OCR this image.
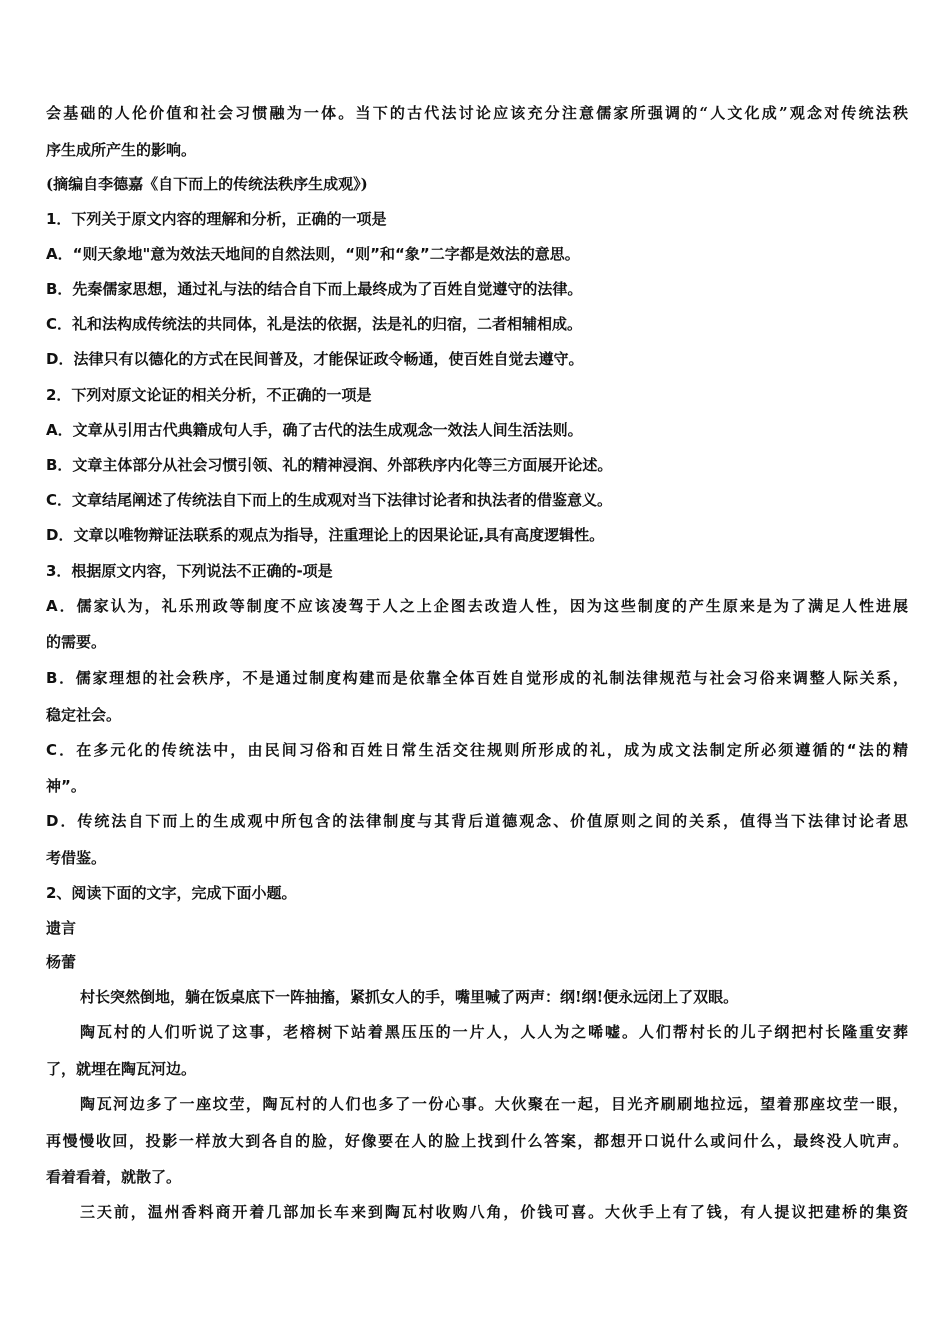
会基础的人伦价值和社会习惯融为一体。当下的古代法讨论应该充分注意儒家所强调的“人文化成”观念对传统法秩
序生成所产生的影响。
(摘编自李德嘉《自下而上的传统法秩序生成观》)
1．下列关于原文内容的理解和分析，正确的一项是
A．“则天象地"意为效法天地间的自然法则，“则”和“象”二字都是效法的意思。
B．先秦儒家思想，通过礼与法的结合自下而上最终成为了百姓自觉遵守的法律。
C．礼和法构成传统法的共同体，礼是法的依据，法是礼的归宿，二者相辅相成。
D．法律只有以德化的方式在民间普及，才能保证政令畅通，使百姓自觉去遵守。
2．下列对原文论证的相关分析，不正确的一项是
A．文章从引用古代典籍成句人手，确了古代的法生成观念一效法人间生活法则。
B．文章主体部分从社会习惯引领、礼的精神浸润、外部秩序内化等三方面展开论述。
C．文章结尾阐述了传统法自下而上的生成观对当下法律讨论者和执法者的借鉴意义。
D．文章以唯物辩证法联系的观点为指导，注重理论上的因果论证,具有高度逻辑性。
3．根据原文内容，下列说法不正确的-项是
A．儒家认为，礼乐刑政等制度不应该凌驾于人之上企图去改造人性，因为这些制度的产生原来是为了满足人性进展
的需要。
B．儒家理想的社会秩序，不是通过制度构建而是依靠全体百姓自觉形成的礼制法律规范与社会习俗来调整人际关系，
稳定社会。
C．在多元化的传统法中，由民间习俗和百姓日常生活交往规则所形成的礼，成为成文法制定所必须遵循的“法的精
神”。
D．传统法自下而上的生成观中所包含的法律制度与其背后道德观念、价值原则之间的关系，值得当下法律讨论者思
考借鉴。
2、阅读下面的文字，完成下面小题。
遗言
杨蕾
村长突然倒地，躺在饭桌底下一阵抽搐，紧抓女人的手，嘴里喊了两声：纲!纲!便永远闭上了双眼。
陶瓦村的人们听说了这事，老榕树下站着黑压压的一片人，人人为之唏嘘。人们帮村长的儿子纲把村长隆重安葬
了，就埋在陶瓦河边。
陶瓦河边多了一座坟茔，陶瓦村的人们也多了一份心事。大伙聚在一起，目光齐刷刷地拉远，望着那座坟茔一眼，
再慢慢收回，投影一样放大到各自的脸，好像要在人的脸上找到什么答案，都想开口说什么或问什么，最终没人吭声。
看着看着，就散了。
三天前，温州香料商开着几部加长车来到陶瓦村收购八角，价钱可喜。大伙手上有了钱，有人提议把建桥的集资
